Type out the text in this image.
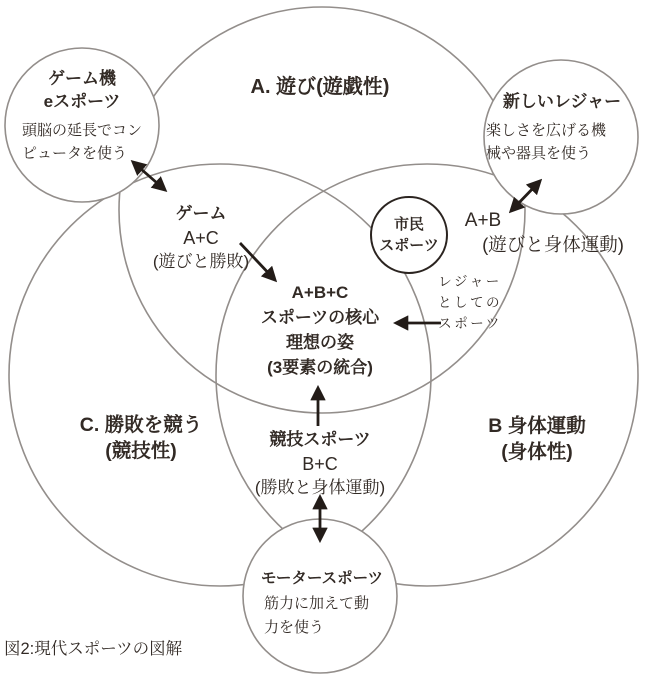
A. 遊び(遊戯性)
C. 勝敗を競う
(競技性)
B 身体運動
(身体性)
ゲーム機
eスポーツ
頭脳の延長でコン
ピュータを使う
新しいレジャー
楽しさを広げる機
械や器具を使う
モータースポーツ
筋力に加えて動
力を使う
ゲーム
A+C
(遊びと勝敗)
A+B
(遊びと身体運動)
市民
スポーツ
A+B+C
スポーツの核心
理想の姿
(3要素の統合)
レジャー
としての
スポーツ
競技スポーツ
B+C
(勝敗と身体運動)
図2:現代スポーツの図解
